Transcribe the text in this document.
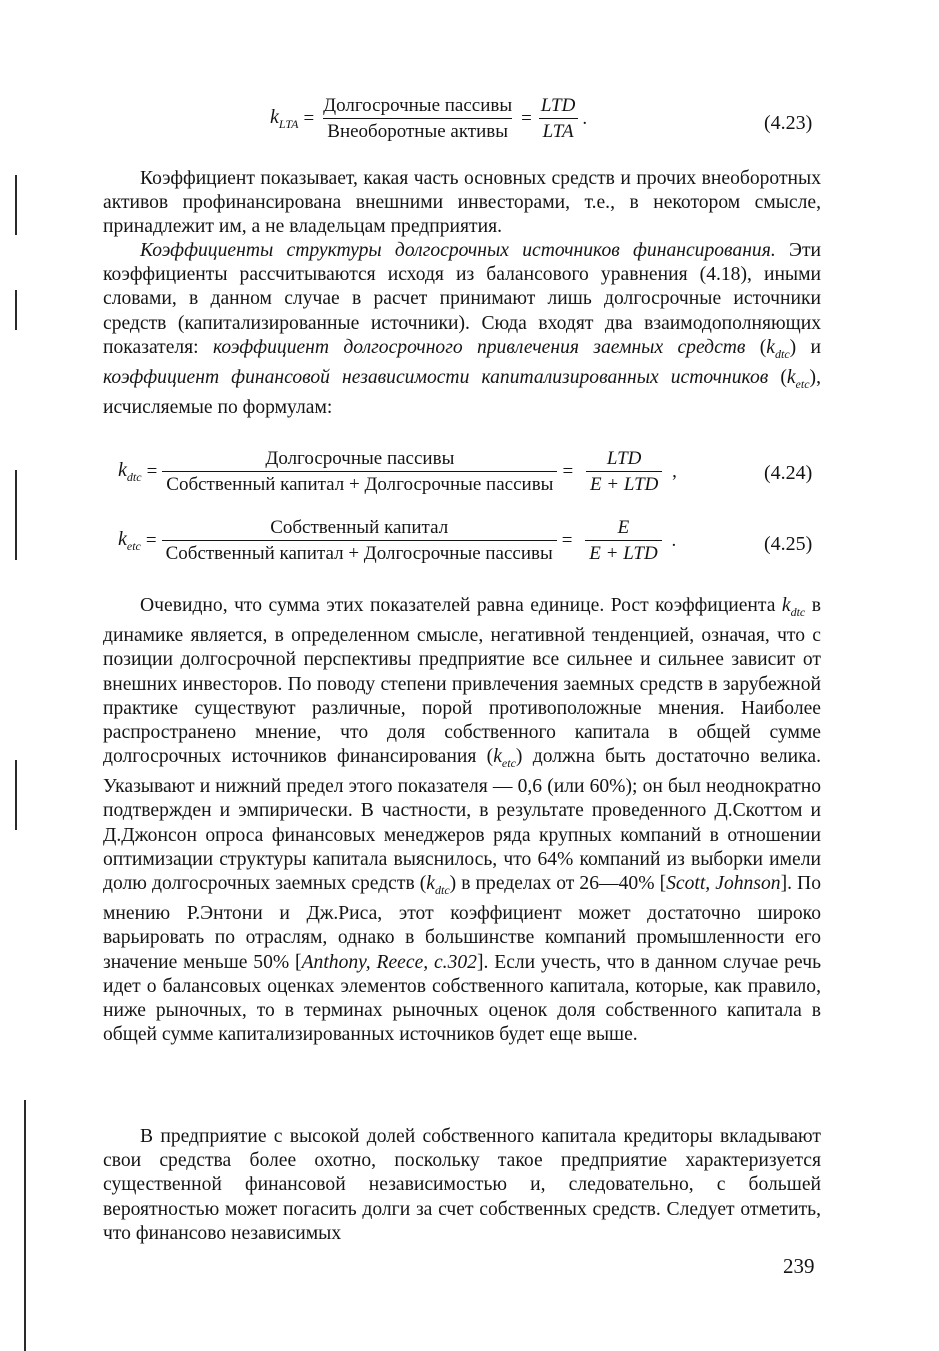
$k_{LTA} = \frac{\text{Долгосрочные пассивы}}{\text{Внеоборотные активы}} = \frac{\text{LTD}}{\text{LTA}}$ .	(4.23)

Коэффициент показывает, какая часть основных средств и прочих внеоборотных активов профинансирована внешними инвесторами, т.е., в некотором смысле, принадлежит им, а не владельцам предприятия.

Коэффициенты структуры долгосрочных источников финансирования. Эти коэффициенты рассчитываются исходя из балансового уравнения (4.18), иными словами, в данном случае в расчет принимают лишь долгосрочные источники средств (капитализированные источники). Сюда входят два взаимодополняющих показателя: коэффициент долгосрочного привлечения заемных средств $(k_{dtc})$ и коэффициент финансовой независимости капитализированных источников $(k_{etc})$, исчисляемые по формулам:

$k_{dtc} = \frac{\text{Долгосрочные пассивы}}{\text{Собственный капитал + Долгосрочные пассивы}} = \frac{\text{LTD}}{\text{E + LTD}}$ ,	(4.24)
$k_{etc} = \frac{\text{Собственный капитал}}{\text{Собственный капитал + Долгосрочные пассивы}} = \frac{E}{\text{E + LTD}}$ .	(4.25)

Очевидно, что сумма этих показателей равна единице. Рост коэффициента $k_{dtc}$ в динамике является, в определенном смысле, негативной тенденцией, означая, что с позиции долгосрочной перспективы предприятие все сильнее и сильнее зависит от внешних инвесторов. По поводу степени привлечения заемных средств в зарубежной практике существуют различные, порой противоположные мнения. Наиболее распространено мнение, что доля собственного капитала в общей сумме долгосрочных источников финансирования $(k_{etc})$ должна быть достаточно велика. Указывают и нижний предел этого показателя — 0,6 (или 60%); он был неоднократно подтвержден и эмпирически. В частности, в результате проведенного Д.Скоттом и Д.Джонсон опроса финансовых менеджеров ряда крупных компаний в отношении оптимизации структуры капитала выяснилось, что 64% компаний из выборки имели долю долгосрочных заемных средств $(k_{dtc})$ в пределах от 26—40% [Scott, Johnson]. По мнению Р.Энтони и Дж.Риса, этот коэффициент может достаточно широко варьировать по отраслям, однако в большинстве компаний промышленности его значение меньше 50% [Anthony, Reece, с.302]. Если учесть, что в данном случае речь идет о балансовых оценках элементов собственного капитала, которые, как правило, ниже рыночных, то в терминах рыночных оценок доля собственного капитала в общей сумме капитализированных источников будет еще выше.

В предприятие с высокой долей собственного капитала кредиторы вкладывают свои средства более охотно, поскольку такое предприятие характеризуется существенной финансовой независимостью и, следовательно, с большей вероятностью может погасить долги за счет собственных средств. Следует отметить, что финансово независимых

239
